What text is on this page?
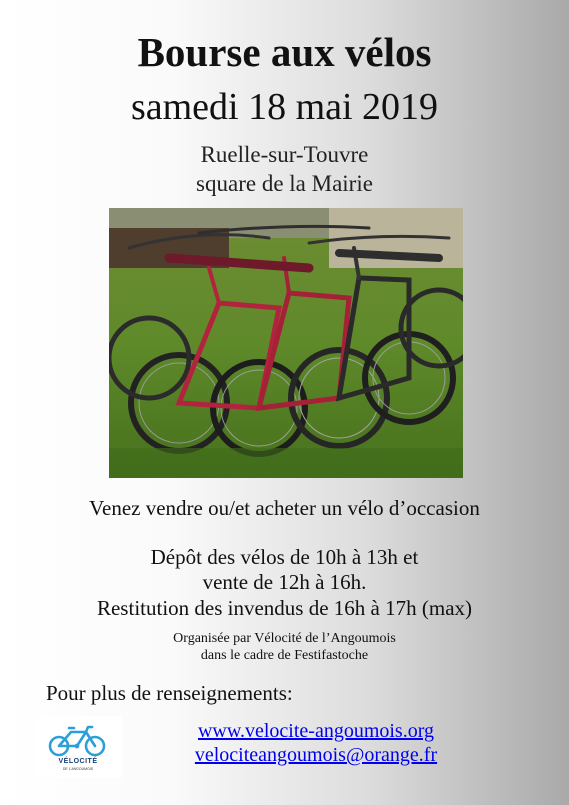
Bourse aux vélos
samedi 18 mai 2019
Ruelle-sur-Touvre
square de la Mairie
Venez vendre ou/et acheter un vélo d’occasion
Dépôt des vélos de 10h à 13h et
vente de 12h à 16h.
Restitution des invendus de 16h à 17h (max)
Organisée par Vélocité de l’Angoumois
dans le cadre de Festifastoche
Pour plus de renseignements:
VÉLOCITÉ
DE L'ANGOUMOIS
www.velocite-angoumois.org
velociteangoumois@orange.fr
